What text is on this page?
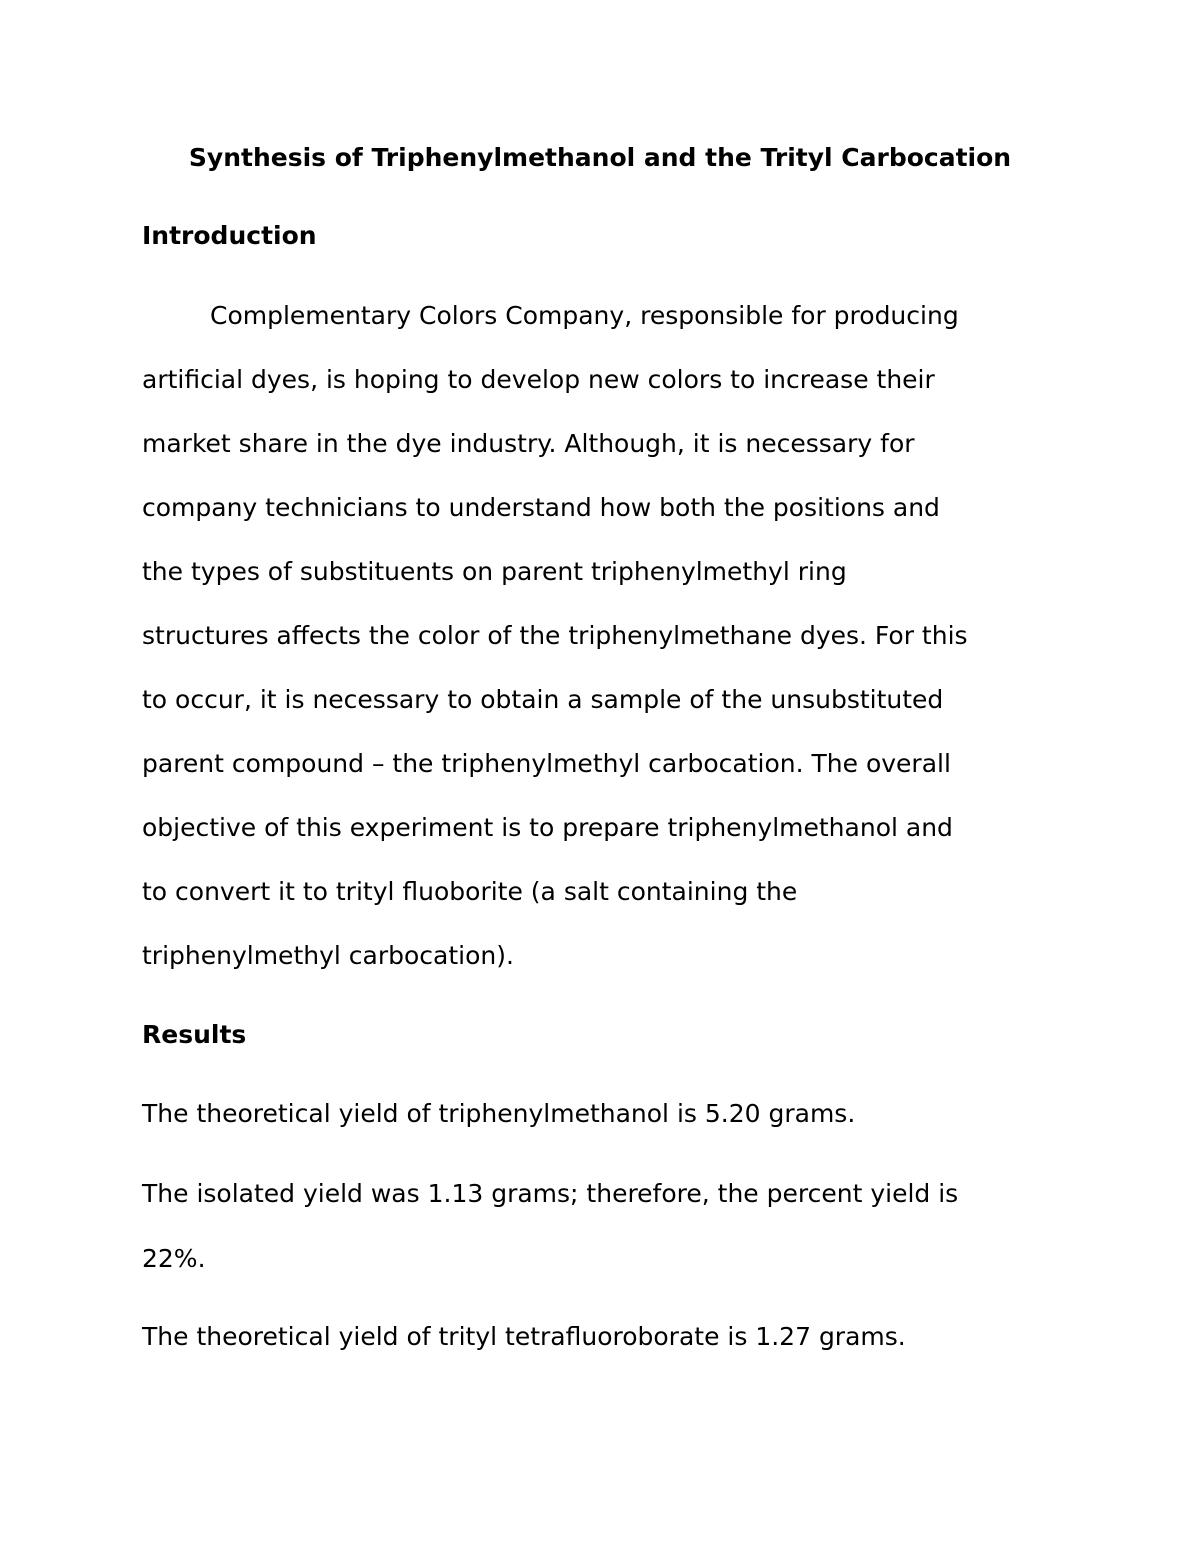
Synthesis of Triphenylmethanol and the Trityl Carbocation
Introduction
Complementary Colors Company, responsible for producing
artificial dyes, is hoping to develop new colors to increase their
market share in the dye industry. Although, it is necessary for
company technicians to understand how both the positions and
the types of substituents on parent triphenylmethyl ring
structures affects the color of the triphenylmethane dyes. For this
to occur, it is necessary to obtain a sample of the unsubstituted
parent compound – the triphenylmethyl carbocation. The overall
objective of this experiment is to prepare triphenylmethanol and
to convert it to trityl fluoborite (a salt containing the
triphenylmethyl carbocation).
Results
The theoretical yield of triphenylmethanol is 5.20 grams.
The isolated yield was 1.13 grams; therefore, the percent yield is
22%.
The theoretical yield of trityl tetrafluoroborate is 1.27 grams.
